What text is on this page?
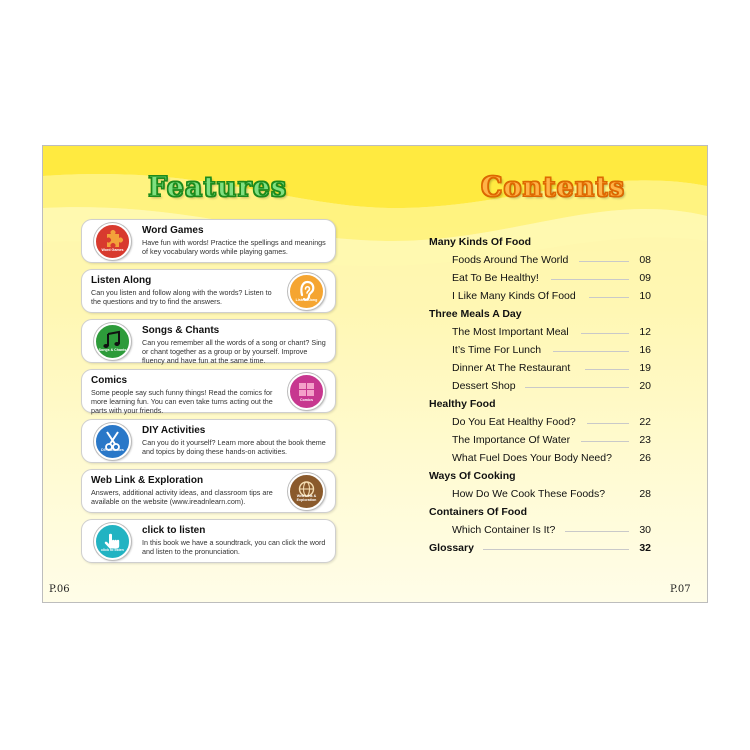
Features	Contents
Word Games
Word Games
Have fun with words! Practice the spellings and meanings of key vocabulary words while playing games.
Listen Along
Listen Along
Can you listen and follow along with the words? Listen to the questions and try to find the answers.
Songs & Chants
Songs & Chants
Can you remember all the words of a song or chant? Sing or chant together as a group or by yourself. Improve fluency and have fun at the same time.
Comics
Comics
Some people say such funny things! Read the comics for more learning fun. You can even take turns acting out the parts with your friends.
DIY Activities
DIY Activities
Can you do it yourself? Learn more about the book theme and topics by doing these hands-on activities.
Web Link & Exploration
Web Link & Exploration
Answers, additional activity ideas, and classroom tips are available on the website (www.ireadnlearn.com).
click to listen
click to listen
In this book we have a soundtrack, you can click the word and listen to the pronunciation.
Many Kinds Of Food
Foods Around The World	08
Eat To Be Healthy!	09
I Like Many Kinds Of Food	10
Three Meals A Day
The Most Important Meal	12
It’s Time For Lunch	16
Dinner At The Restaurant	19
Dessert Shop	20
Healthy Food
Do You Eat Healthy Food?	22
The Importance Of Water	23
What Fuel Does Your Body Need?	26
Ways Of Cooking
How Do We Cook These Foods?	28
Containers Of Food
Which Container Is It?	30
Glossary	32
P.06	P.07
